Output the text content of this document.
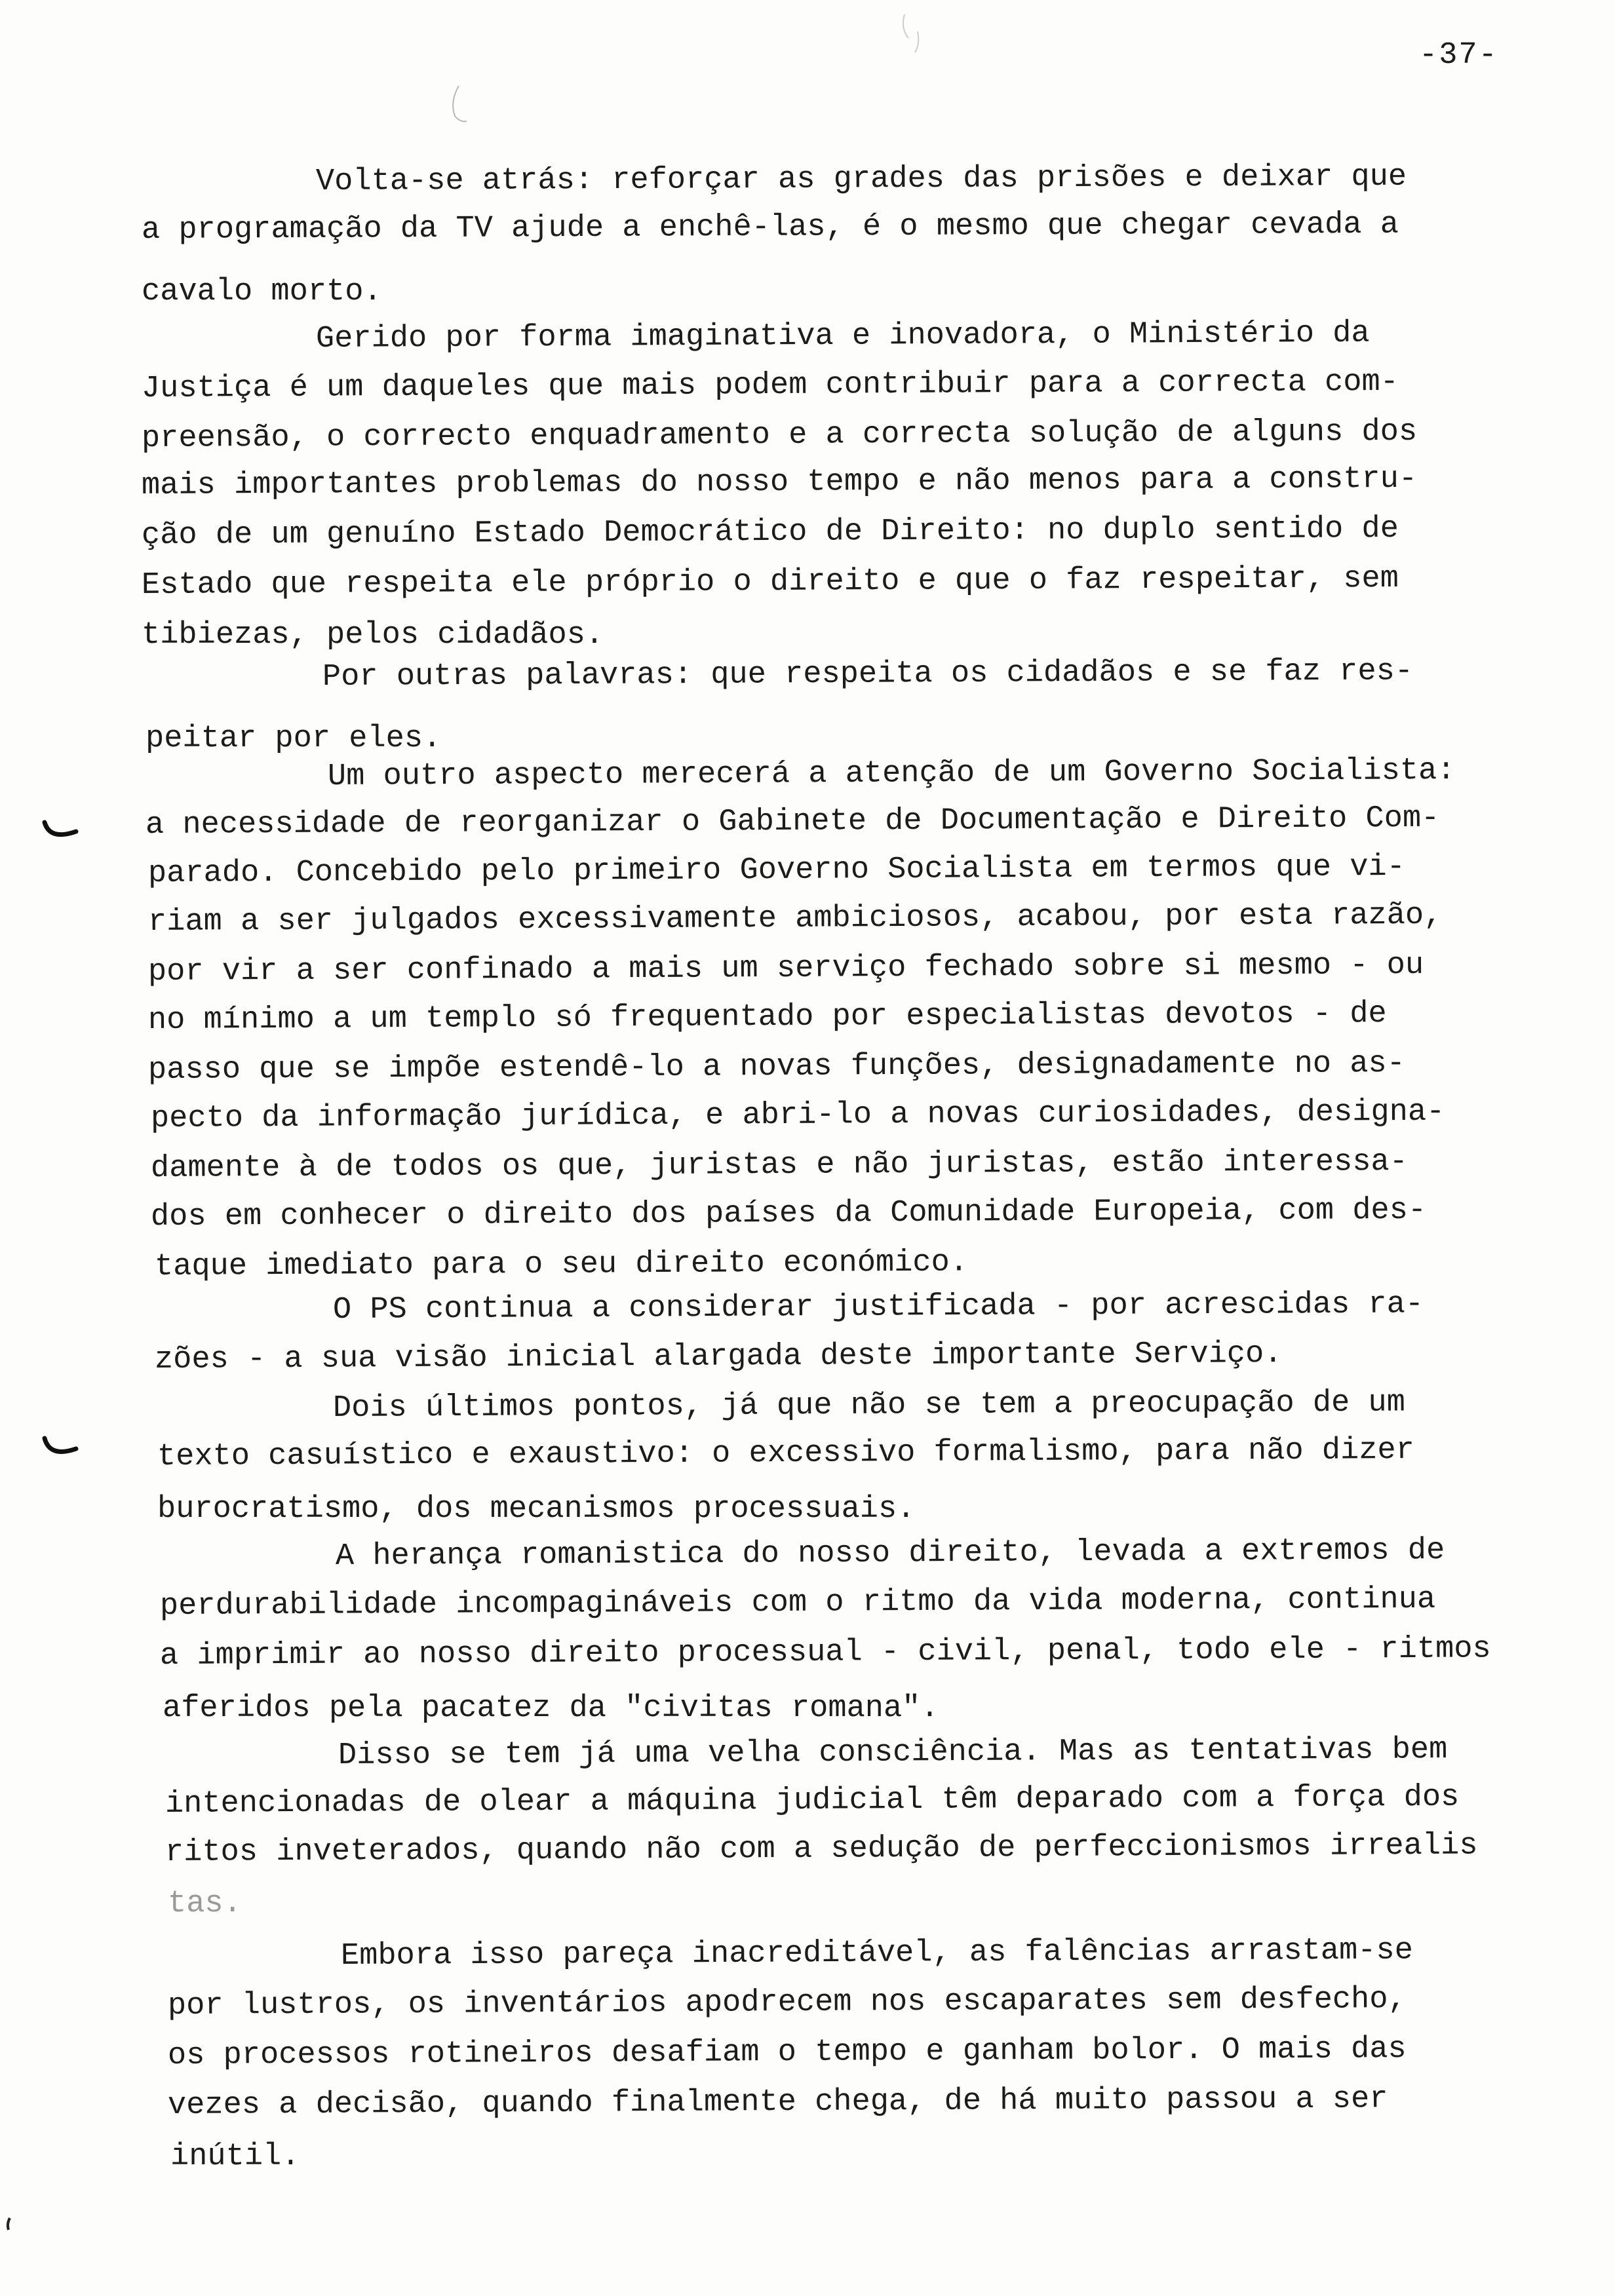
-37-
Volta-se atrás: reforçar as grades das prisões e deixar que
a programação da TV ajude a enchê-las, é o mesmo que chegar cevada a
cavalo morto.
Gerido por forma imaginativa e inovadora, o Ministério da
Justiça é um daqueles que mais podem contribuir para a correcta com-
preensão, o correcto enquadramento e a correcta solução de alguns dos
mais importantes problemas do nosso tempo e não menos para a constru-
ção de um genuíno Estado Democrático de Direito: no duplo sentido de
Estado que respeita ele próprio o direito e que o faz respeitar, sem
tibiezas, pelos cidadãos.
Por outras palavras: que respeita os cidadãos e se faz res-
peitar por eles.
Um outro aspecto merecerá a atenção de um Governo Socialista:
a necessidade de reorganizar o Gabinete de Documentação e Direito Com-
parado. Concebido pelo primeiro Governo Socialista em termos que vi-
riam a ser julgados excessivamente ambiciosos, acabou, por esta razão,
por vir a ser confinado a mais um serviço fechado sobre si mesmo - ou
no mínimo a um templo só frequentado por especialistas devotos - de
passo que se impõe estendê-lo a novas funções, designadamente no as-
pecto da informação jurídica, e abri-lo a novas curiosidades, designa-
damente à de todos os que, juristas e não juristas, estão interessa-
dos em conhecer o direito dos países da Comunidade Europeia, com des-
taque imediato para o seu direito económico.
O PS continua a considerar justificada - por acrescidas ra-
zões - a sua visão inicial alargada deste importante Serviço.
Dois últimos pontos, já que não se tem a preocupação de um
texto casuístico e exaustivo: o excessivo formalismo, para não dizer
burocratismo, dos mecanismos processuais.
A herança romanistica do nosso direito, levada a extremos de
perdurabilidade incompagináveis com o ritmo da vida moderna, continua
a imprimir ao nosso direito processual - civil, penal, todo ele - ritmos
aferidos pela pacatez da "civitas romana".
Disso se tem já uma velha consciência. Mas as tentativas bem
intencionadas de olear a máquina judicial têm deparado com a força dos
ritos inveterados, quando não com a sedução de perfeccionismos irrealis
tas.
Embora isso pareça inacreditável, as falências arrastam-se
por lustros, os inventários apodrecem nos escaparates sem desfecho,
os processos rotineiros desafiam o tempo e ganham bolor. O mais das
vezes a decisão, quando finalmente chega, de há muito passou a ser
inútil.
